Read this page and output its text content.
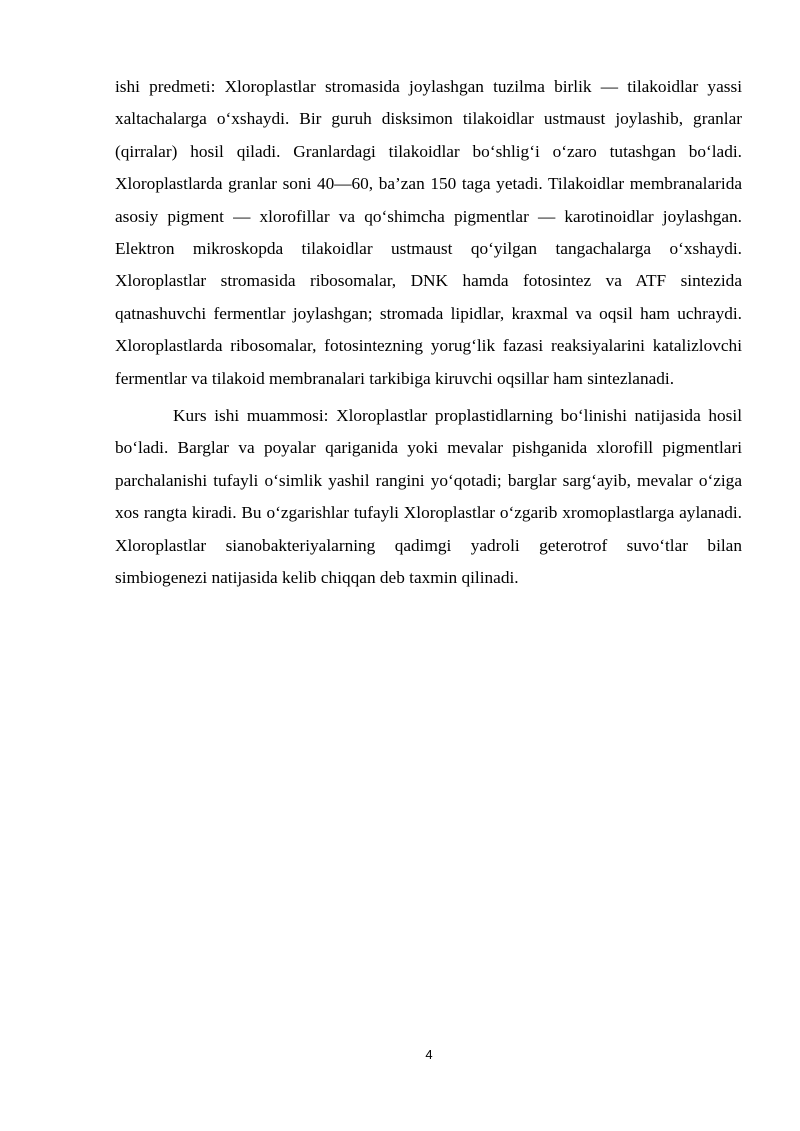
ishi predmeti: Xloroplastlar stromasida joylashgan tuzilma birlik — tilakoidlar yassi xaltachalarga o‘xshaydi. Bir guruh disksimon tilakoidlar ustmaust joylashib, granlar (qirralar) hosil qiladi. Granlardagi tilakoidlar bo‘shlig‘i o‘zaro tutashgan bo‘ladi. Xloroplastlarda granlar soni 40—60, ba’zan 150 taga yetadi. Tilakoidlar membranalarida asosiy pigment — xlorofillar va qo‘shimcha pigmentlar — karotinoidlar joylashgan. Elektron mikroskopda tilakoidlar ustmaust qo‘yilgan tangachalarga o‘xshaydi. Xloroplastlar stromasida ribosomalar, DNK hamda fotosintez va ATF sintezida qatnashuvchi fermentlar joylashgan; stromada lipidlar, kraxmal va oqsil ham uchraydi. Xloroplastlarda ribosomalar, fotosintezning yorug‘lik fazasi reaksiyalarini katalizlovchi fermentlar va tilakoid membranalari tarkibiga kiruvchi oqsillar ham sintezlanadi.

Kurs ishi muammosi: Xloroplastlar proplastidlarning bo‘linishi natijasida hosil bo‘ladi. Barglar va poyalar qariganida yoki mevalar pishganida xlorofill pigmentlari parchalanishi tufayli o‘simlik yashil rangini yo‘qotadi; barglar sarg‘ayib, mevalar o‘ziga xos rangta kiradi. Bu o‘zgarishlar tufayli Xloroplastlar o‘zgarib xromoplastlarga aylanadi. Xloroplastlar sianobakteriyalarning qadimgi yadroli geterotrof suvo‘tlar bilan simbiogenezi natijasida kelib chiqqan deb taxmin qilinadi.

4
